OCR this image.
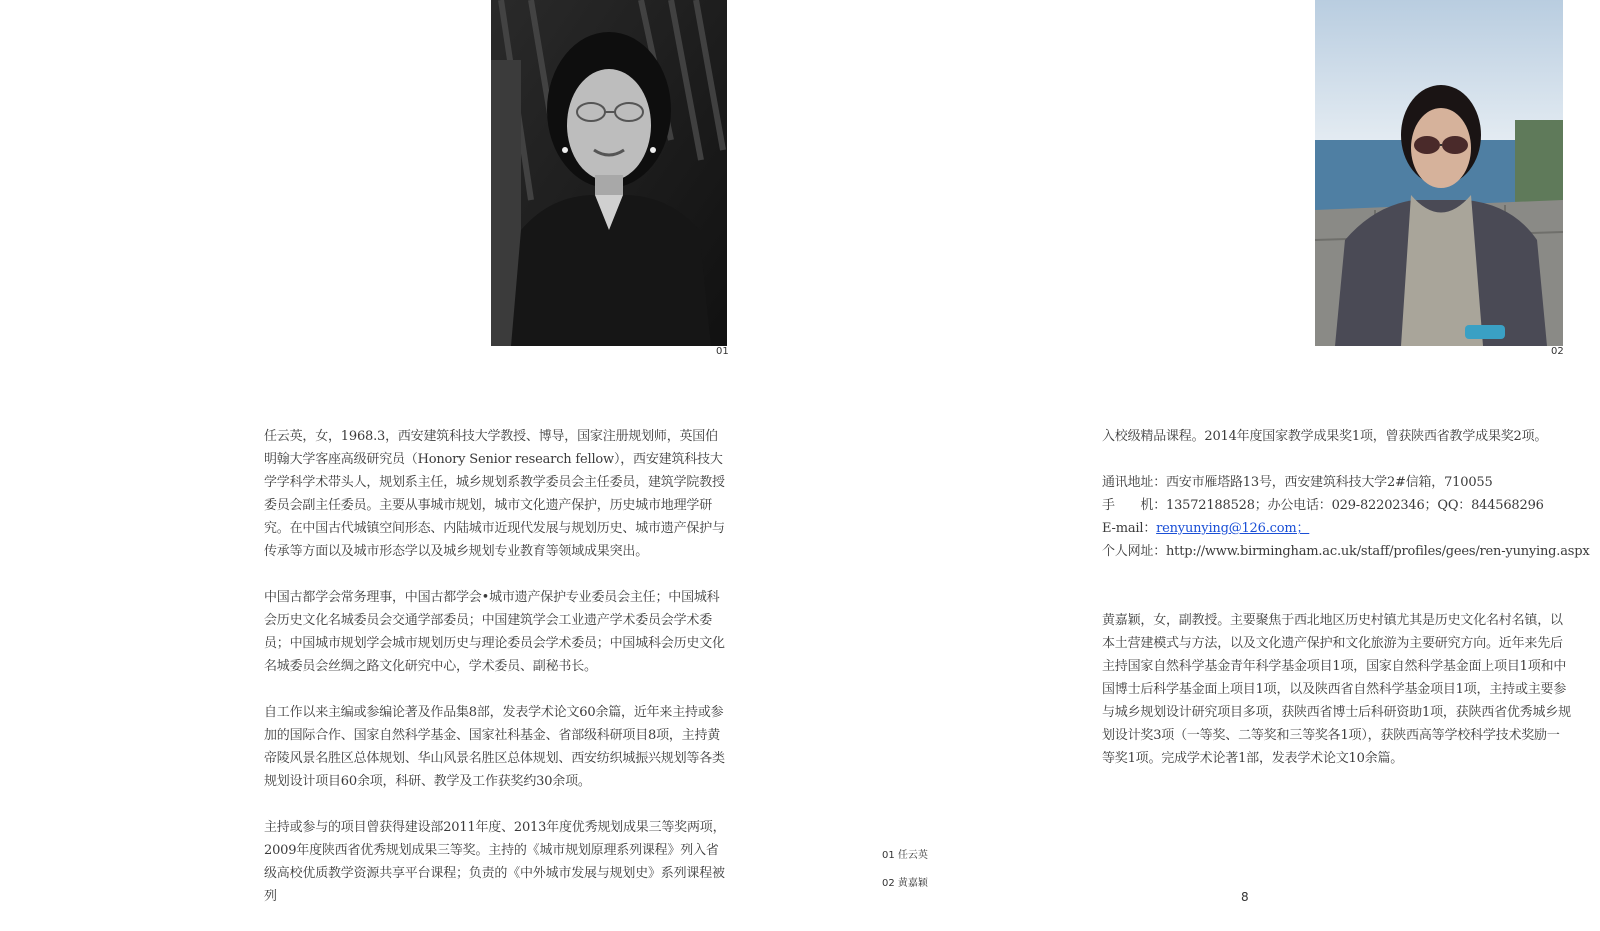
01	02

任云英，女，1968.3，西安建筑科技大学教授、博导，国家注册规划师，英国伯明翰大学客座高级研究员（Honory Senior research fellow），西安建筑科技大学学科学术带头人，规划系主任，城乡规划系教学委员会主任委员，建筑学院教授委员会副主任委员。主要从事城市规划，城市文化遗产保护，历史城市地理学研究。在中国古代城镇空间形态、内陆城市近现代发展与规划历史、城市遗产保护与传承等方面以及城市形态学以及城乡规划专业教育等领域成果突出。

中国古都学会常务理事，中国古都学会•城市遗产保护专业委员会主任；中国城科会历史文化名城委员会交通学部委员；中国建筑学会工业遗产学术委员会学术委员；中国城市规划学会城市规划历史与理论委员会学术委员；中国城科会历史文化名城委员会丝绸之路文化研究中心，学术委员、副秘书长。

自工作以来主编或参编论著及作品集8部，发表学术论文60余篇，近年来主持或参加的国际合作、国家自然科学基金、国家社科基金、省部级科研项目8项，主持黄帝陵风景名胜区总体规划、华山风景名胜区总体规划、西安纺织城振兴规划等各类规划设计项目60余项，科研、教学及工作获奖约30余项。

主持或参与的项目曾获得建设部2011年度、2013年度优秀规划成果三等奖两项，2009年度陕西省优秀规划成果三等奖。主持的《城市规划原理系列课程》列入省级高校优质教学资源共享平台课程；负责的《中外城市发展与规划史》系列课程被列

入校级精品课程。2014年度国家教学成果奖1项，曾获陕西省教学成果奖2项。

通讯地址：西安市雁塔路13号，西安建筑科技大学2#信箱，710055
手　　机：13572188528；办公电话：029-82202346；QQ：844568296
E-mail：renyunying@126.com；
个人网址：http://www.birmingham.ac.uk/staff/profiles/gees/ren-yunying.aspx

黄嘉颖，女，副教授。主要聚焦于西北地区历史村镇尤其是历史文化名村名镇，以本土营建模式与方法，以及文化遗产保护和文化旅游为主要研究方向。近年来先后主持国家自然科学基金青年科学基金项目1项，国家自然科学基金面上项目1项和中国博士后科学基金面上项目1项，以及陕西省自然科学基金项目1项，主持或主要参与城乡规划设计研究项目多项，获陕西省博士后科研资助1项，获陕西省优秀城乡规划设计奖3项（一等奖、二等奖和三等奖各1项），获陕西高等学校科学技术奖励一等奖1项。完成学术论著1部，发表学术论文10余篇。

01 任云英
02 黄嘉颖
8
